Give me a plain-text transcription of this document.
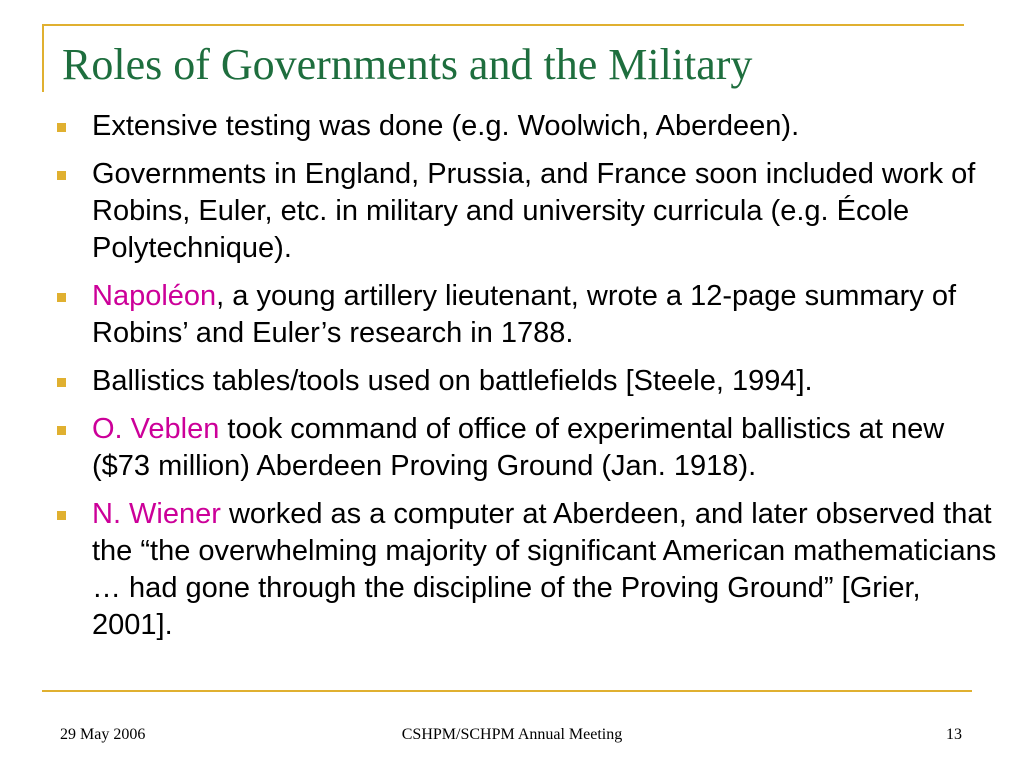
Roles of Governments and the Military
Extensive testing was done (e.g. Woolwich, Aberdeen).
Governments in England, Prussia, and France soon included work of Robins, Euler, etc. in military and university curricula (e.g. École Polytechnique).
Napoléon, a young artillery lieutenant, wrote a 12-page summary of Robins’ and Euler’s research in 1788.
Ballistics tables/tools used on battlefields [Steele, 1994].
O. Veblen took command of office of experimental ballistics at new ($73 million) Aberdeen Proving Ground (Jan. 1918).
N. Wiener worked as a computer at Aberdeen, and later observed that the “the overwhelming majority of significant American mathematicians … had gone through the discipline of the Proving Ground” [Grier, 2001].
29 May 2006	CSHPM/SCHPM Annual Meeting	13
